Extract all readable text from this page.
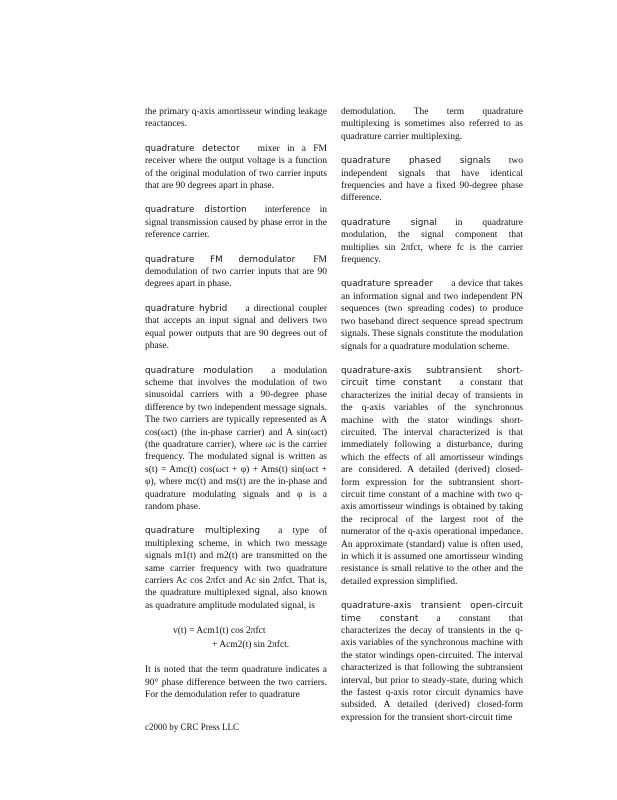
the primary q-axis amortisseur winding leakage reactances.

quadrature detector mixer in a FM receiver where the output voltage is a function of the original modulation of two carrier inputs that are 90 degrees apart in phase.

quadrature distortion interference in signal transmission caused by phase error in the reference carrier.

quadrature FM demodulator FM demodulation of two carrier inputs that are 90 degrees apart in phase.

quadrature hybrid a directional coupler that accepts an input signal and delivers two equal power outputs that are 90 degrees out of phase.

quadrature modulation a modulation scheme that involves the modulation of two sinusoidal carriers with a 90-degree phase difference by two independent message signals. The two carriers are typically represented as A cos(ωct) (the in-phase carrier) and A sin(ωct) (the quadrature carrier), where ωc is the carrier frequency. The modulated signal is written as s(t) = Amc(t) cos(ωct + φ) + Ams(t) sin(ωct + φ), where mc(t) and ms(t) are the in-phase and quadrature modulating signals and φ is a random phase.

quadrature multiplexing a type of multiplexing scheme, in which two message signals m1(t) and m2(t) are transmitted on the same carrier frequency with two quadrature carriers Ac cos 2πfct and Ac sin 2πfct. That is, the quadrature multiplexed signal, also known as quadrature amplitude modulated signal, is

v(t) = Acm1(t) cos 2πfct
+ Acm2(t) sin 2πfct.

It is noted that the term quadrature indicates a 90° phase difference between the two carriers. For the demodulation refer to quadrature

demodulation. The term quadrature multiplexing is sometimes also referred to as quadrature carrier multiplexing.

quadrature phased signals two independent signals that have identical frequencies and have a fixed 90-degree phase difference.

quadrature signal in quadrature modulation, the signal component that multiplies sin 2πfct, where fc is the carrier frequency.

quadrature spreader a device that takes an information signal and two independent PN sequences (two spreading codes) to produce two baseband direct sequence spread spectrum signals. These signals constitute the modulation signals for a quadrature modulation scheme.

quadrature-axis subtransient short-circuit time constant a constant that characterizes the initial decay of transients in the q-axis variables of the synchronous machine with the stator windings short-circuited. The interval characterized is that immediately following a disturbance, during which the effects of all amortisseur windings are considered. A detailed (derived) closed-form expression for the subtransient short-circuit time constant of a machine with two q-axis amortisseur windings is obtained by taking the reciprocal of the largest root of the numerator of the q-axis operational impedance. An approximate (standard) value is often used, in which it is assumed one amortisseur winding resistance is small relative to the other and the detailed expression simplified.

quadrature-axis transient open-circuit time constant a constant that characterizes the decay of transients in the q-axis variables of the synchronous machine with the stator windings open-circuited. The interval characterized is that following the subtransient interval, but prior to steady-state, during which the fastest q-axis rotor circuit dynamics have subsided. A detailed (derived) closed-form expression for the transient short-circuit time

c2000 by CRC Press LLC
